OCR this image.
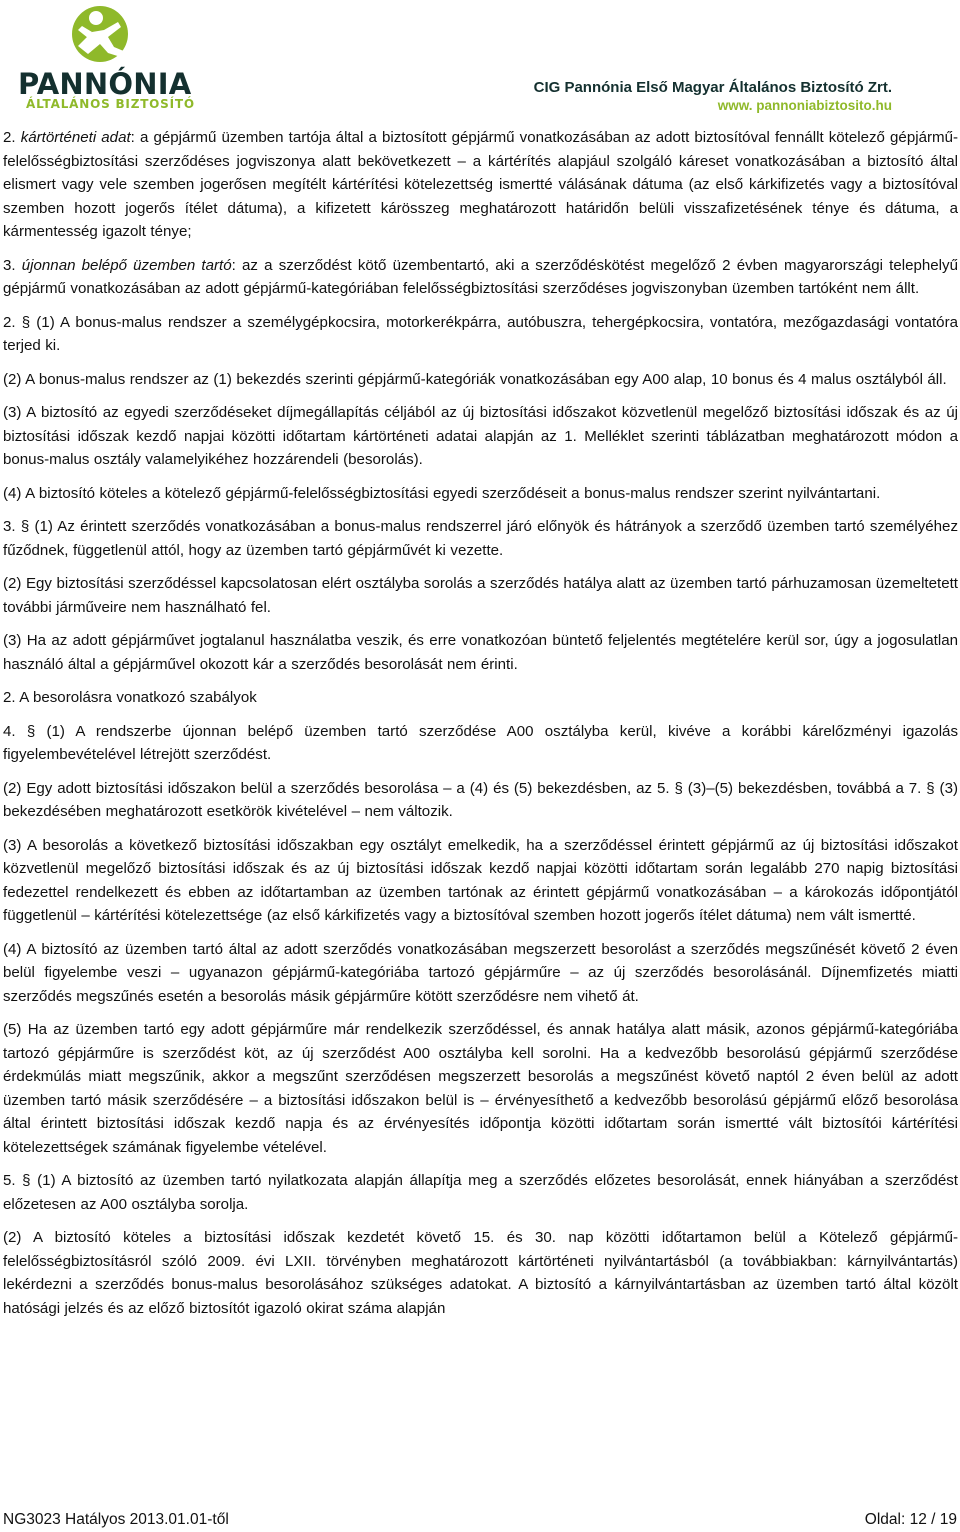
PANNÓNIA
ÁLTALÁNOS BIZTOSÍTÓ
CIG Pannónia Első Magyar Általános Biztosító Zrt.
www. pannoniabiztosito.hu

2. kártörténeti adat: a gépjármű üzemben tartója által a biztosított gépjármű vonatkozásában az adott biztosítóval fennállt kötelező gépjármű-felelősségbiztosítási szerződéses jogviszonya alatt bekövetkezett – a kártérítés alapjául szolgáló káreset vonatkozásában a biztosító által elismert vagy vele szemben jogerősen megítélt kártérítési kötelezettség ismertté válásának dátuma (az első kárkifizetés vagy a biztosítóval szemben hozott jogerős ítélet dátuma), a kifizetett kárösszeg meghatározott határidőn belüli visszafizetésének ténye és dátuma, a kármentesség igazolt ténye;

3. újonnan belépő üzemben tartó: az a szerződést kötő üzembentartó, aki a szerződéskötést megelőző 2 évben magyarországi telephelyű gépjármű vonatkozásában az adott gépjármű-kategóriában felelősségbiztosítási szerződéses jogviszonyban üzemben tartóként nem állt.

2. § (1) A bonus-malus rendszer a személygépkocsira, motorkerékpárra, autóbuszra, tehergépkocsira, vontatóra, mezőgazdasági vontatóra terjed ki.

(2) A bonus-malus rendszer az (1) bekezdés szerinti gépjármű-kategóriák vonatkozásában egy A00 alap, 10 bonus és 4 malus osztályból áll.

(3) A biztosító az egyedi szerződéseket díjmegállapítás céljából az új biztosítási időszakot közvetlenül megelőző biztosítási időszak és az új biztosítási időszak kezdő napjai közötti időtartam kártörténeti adatai alapján az 1. Melléklet szerinti táblázatban meghatározott módon a bonus-malus osztály valamelyikéhez hozzárendeli (besorolás).

(4) A biztosító köteles a kötelező gépjármű-felelősségbiztosítási egyedi szerződéseit a bonus-malus rendszer szerint nyilvántartani.

3. § (1) Az érintett szerződés vonatkozásában a bonus-malus rendszerrel járó előnyök és hátrányok a szerződő üzemben tartó személyéhez fűződnek, függetlenül attól, hogy az üzemben tartó gépjárművét ki vezette.

(2) Egy biztosítási szerződéssel kapcsolatosan elért osztályba sorolás a szerződés hatálya alatt az üzemben tartó párhuzamosan üzemeltetett további járműveire nem használható fel.

(3) Ha az adott gépjárművet jogtalanul használatba veszik, és erre vonatkozóan büntető feljelentés megtételére kerül sor, úgy a jogosulatlan használó által a gépjárművel okozott kár a szerződés besorolását nem érinti.

2. A besorolásra vonatkozó szabályok

4. § (1) A rendszerbe újonnan belépő üzemben tartó szerződése A00 osztályba kerül, kivéve a korábbi kárelőzményi igazolás figyelembevételével létrejött szerződést.

(2) Egy adott biztosítási időszakon belül a szerződés besorolása – a (4) és (5) bekezdésben, az 5. § (3)–(5) bekezdésben, továbbá a 7. § (3) bekezdésében meghatározott esetkörök kivételével – nem változik.

(3) A besorolás a következő biztosítási időszakban egy osztályt emelkedik, ha a szerződéssel érintett gépjármű az új biztosítási időszakot közvetlenül megelőző biztosítási időszak és az új biztosítási időszak kezdő napjai közötti időtartam során legalább 270 napig biztosítási fedezettel rendelkezett és ebben az időtartamban az üzemben tartónak az érintett gépjármű vonatkozásában – a károkozás időpontjától függetlenül – kártérítési kötelezettsége (az első kárkifizetés vagy a biztosítóval szemben hozott jogerős ítélet dátuma) nem vált ismertté.

(4) A biztosító az üzemben tartó által az adott szerződés vonatkozásában megszerzett besorolást a szerződés megszűnését követő 2 éven belül figyelembe veszi – ugyanazon gépjármű-kategóriába tartozó gépjárműre – az új szerződés besorolásánál. Díjnemfizetés miatti szerződés megszűnés esetén a besorolás másik gépjárműre kötött szerződésre nem vihető át.

(5) Ha az üzemben tartó egy adott gépjárműre már rendelkezik szerződéssel, és annak hatálya alatt másik, azonos gépjármű-kategóriába tartozó gépjárműre is szerződést köt, az új szerződést A00 osztályba kell sorolni. Ha a kedvezőbb besorolású gépjármű szerződése érdekmúlás miatt megszűnik, akkor a megszűnt szerződésen megszerzett besorolás a megszűnést követő naptól 2 éven belül az adott üzemben tartó másik szerződésére – a biztosítási időszakon belül is – érvényesíthető a kedvezőbb besorolású gépjármű előző besorolása által érintett biztosítási időszak kezdő napja és az érvényesítés időpontja közötti időtartam során ismertté vált biztosítói kártérítési kötelezettségek számának figyelembe vételével.

5. § (1) A biztosító az üzemben tartó nyilatkozata alapján állapítja meg a szerződés előzetes besorolását, ennek hiányában a szerződést előzetesen az A00 osztályba sorolja.

(2) A biztosító köteles a biztosítási időszak kezdetét követő 15. és 30. nap közötti időtartamon belül a Kötelező gépjármű-felelősségbiztosításról szóló 2009. évi LXII. törvényben meghatározott kártörténeti nyilvántartásból (a továbbiakban: kárnyilvántartás) lekérdezni a szerződés bonus-malus besorolásához szükséges adatokat. A biztosító a kárnyilvántartásban az üzemben tartó által közölt hatósági jelzés és az előző biztosítót igazoló okirat száma alapján

NG3023 Hatályos 2013.01.01-től	Oldal: 12 / 19
